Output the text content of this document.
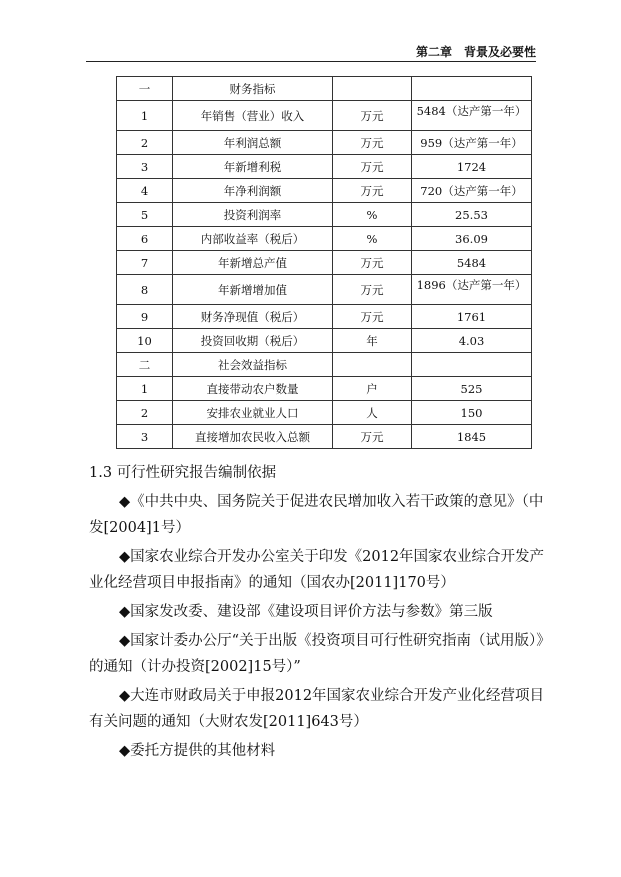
第二章　背景及必要性
一	财务指标		
1	年销售（营业）收入	万元	5484（达产第一年）
2	年利润总额	万元	959（达产第一年）
3	年新增利税	万元	1724
4	年净利润额	万元	720（达产第一年）
5	投资利润率	%	25.53
6	内部收益率（税后）	%	36.09
7	年新增总产值	万元	5484
8	年新增增加值	万元	1896（达产第一年）
9	财务净现值（税后）	万元	1761
10	投资回收期（税后）	年	4.03
二	社会效益指标		
1	直接带动农户数量	户	525
2	安排农业就业人口	人	150
3	直接增加农民收入总额	万元	1845
1.3 可行性研究报告编制依据

◆《中共中央、国务院关于促进农民增加收入若干政策的意见》（中发[2004]1号）

◆国家农业综合开发办公室关于印发《2012年国家农业综合开发产业化经营项目申报指南》的通知（国农办[2011]170号）

◆国家发改委、建设部《建设项目评价方法与参数》第三版

◆国家计委办公厅“关于出版《投资项目可行性研究指南（试用版）》的通知（计办投资[2002]15号）”

◆大连市财政局关于申报2012年国家农业综合开发产业化经营项目有关问题的通知（大财农发[2011]643号）

◆委托方提供的其他材料
